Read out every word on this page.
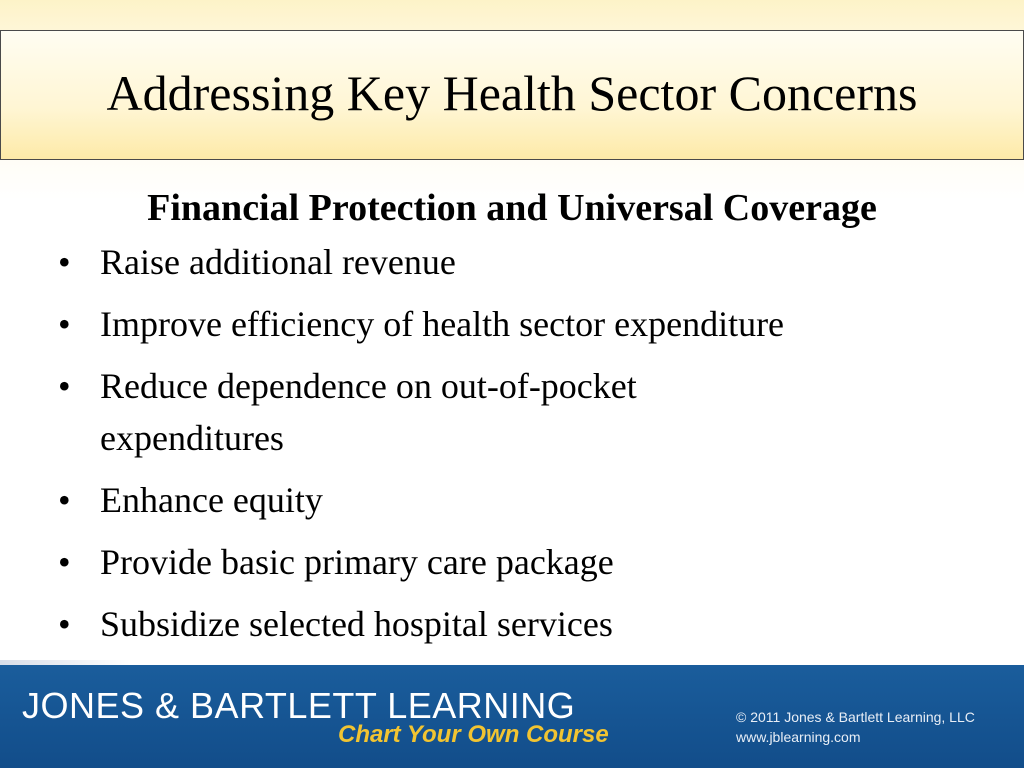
Addressing Key Health Sector Concerns
Financial Protection and Universal Coverage
• Raise additional revenue
• Improve efficiency of health sector expenditure
• Reduce dependence on out-of-pocket expenditures
• Enhance equity
• Provide basic primary care package
• Subsidize selected hospital services
JONES & BARTLETT LEARNING
Chart Your Own Course
© 2011 Jones & Bartlett Learning, LLC
www.jblearning.com
